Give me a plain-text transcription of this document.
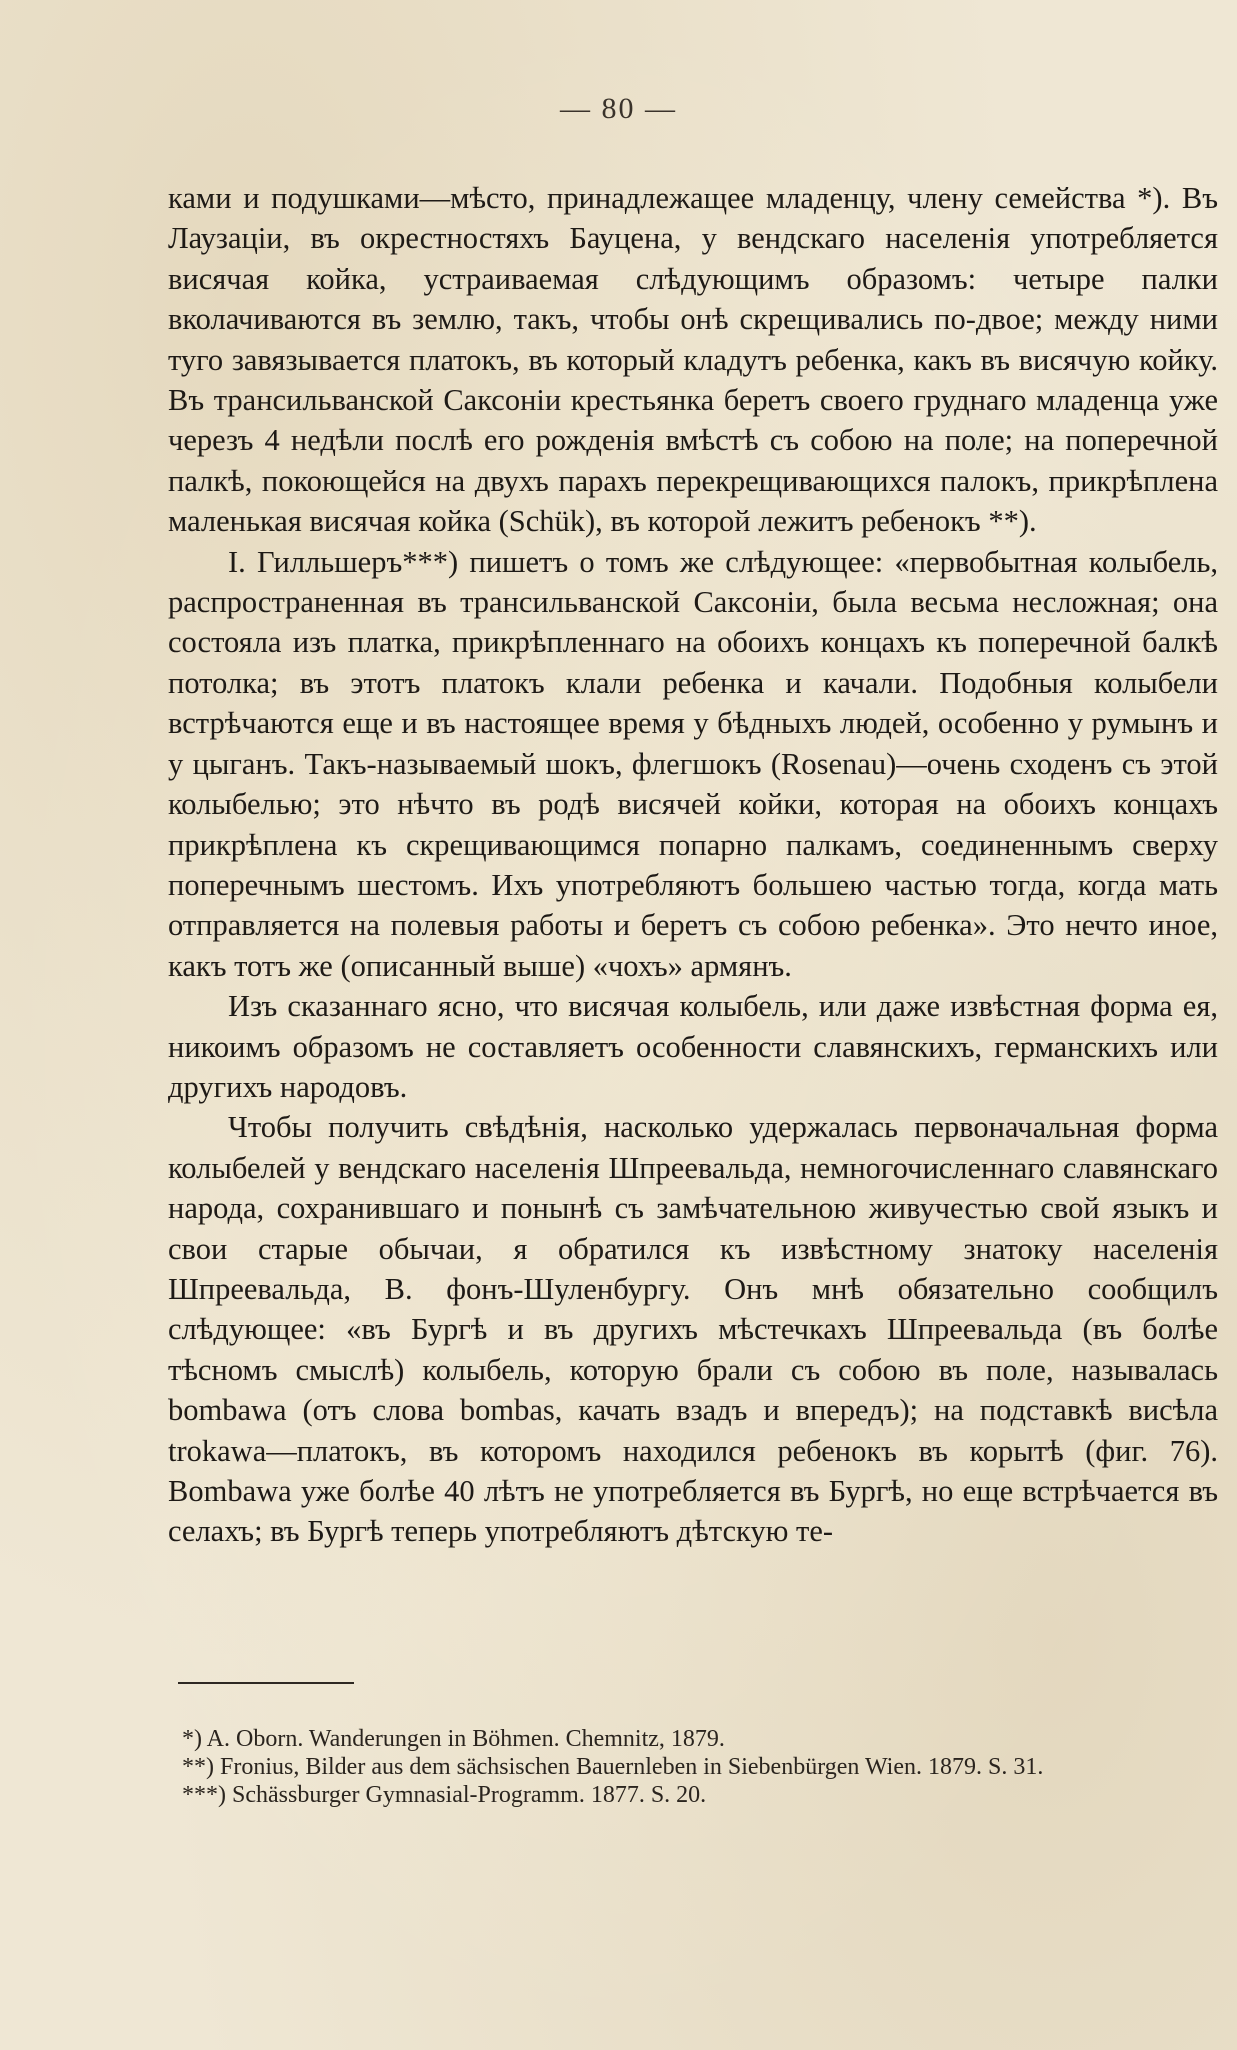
— 80 —

ками и подушками—мѣсто, принадлежащее младенцу, члену семейства *). Въ Лаузаціи, въ окрестностяхъ Бауцена, у вендскаго населенія употребляется висячая койка, устраиваемая слѣдующимъ образомъ: четыре палки вколачиваются въ землю, такъ, чтобы онѣ скрещивались по-двое; между ними туго завязывается платокъ, въ который кладутъ ребенка, какъ въ висячую койку. Въ трансильванской Саксоніи крестьянка беретъ своего груднаго младенца уже черезъ 4 недѣли послѣ его рожденія вмѣстѣ съ собою на поле; на поперечной палкѣ, покоющейся на двухъ парахъ перекрещивающихся палокъ, прикрѣплена маленькая висячая койка (Schük), въ которой лежитъ ребенокъ **).

I. Гилльшеръ***) пишетъ о томъ же слѣдующее: «первобытная колыбель, распространенная въ трансильванской Саксоніи, была весьма несложная; она состояла изъ платка, прикрѣпленнаго на обоихъ концахъ къ поперечной балкѣ потолка; въ этотъ платокъ клали ребенка и качали. Подобныя колыбели встрѣчаются еще и въ настоящее время у бѣдныхъ людей, особенно у румынъ и у цыганъ. Такъ-называемый шокъ, флегшокъ (Rosenau)—очень сходенъ съ этой колыбелью; это нѣчто въ родѣ висячей койки, которая на обоихъ концахъ прикрѣплена къ скрещивающимся попарно палкамъ, соединеннымъ сверху поперечнымъ шестомъ. Ихъ употребляютъ большею частью тогда, когда мать отправляется на полевыя работы и беретъ съ собою ребенка». Это нечто иное, какъ тотъ же (описанный выше) «чохъ» армянъ.

Изъ сказаннаго ясно, что висячая колыбель, или даже извѣстная форма ея, никоимъ образомъ не составляетъ особенности славянскихъ, германскихъ или другихъ народовъ.

Чтобы получить свѣдѣнія, насколько удержалась первоначальная форма колыбелей у вендскаго населенія Шпреевальда, немногочисленнаго славянскаго народа, сохранившаго и понынѣ съ замѣчательною живучестью свой языкъ и свои старые обычаи, я обратился къ извѣстному знатоку населенія Шпреевальда, В. фонъ-Шуленбургу. Онъ мнѣ обязательно сообщилъ слѣдующее: «въ Бургѣ и въ другихъ мѣстечкахъ Шпреевальда (въ болѣе тѣсномъ смыслѣ) колыбель, которую брали съ собою въ поле, называлась bombawa (отъ слова bombas, качать взадъ и впередъ); на подставкѣ висѣла trokawa—платокъ, въ которомъ находился ребенокъ въ корытѣ (фиг. 76). Bombawa уже болѣе 40 лѣтъ не употребляется въ Бургѣ, но еще встрѣчается въ селахъ; въ Бургѣ теперь употребляютъ дѣтскую те-

*) A. Oborn. Wanderungen in Böhmen. Chemnitz, 1879.

**) Fronius, Bilder aus dem sächsischen Bauernleben in Siebenbürgen Wien. 1879. S. 31.

***) Schässburger Gymnasial-Programm. 1877. S. 20.
